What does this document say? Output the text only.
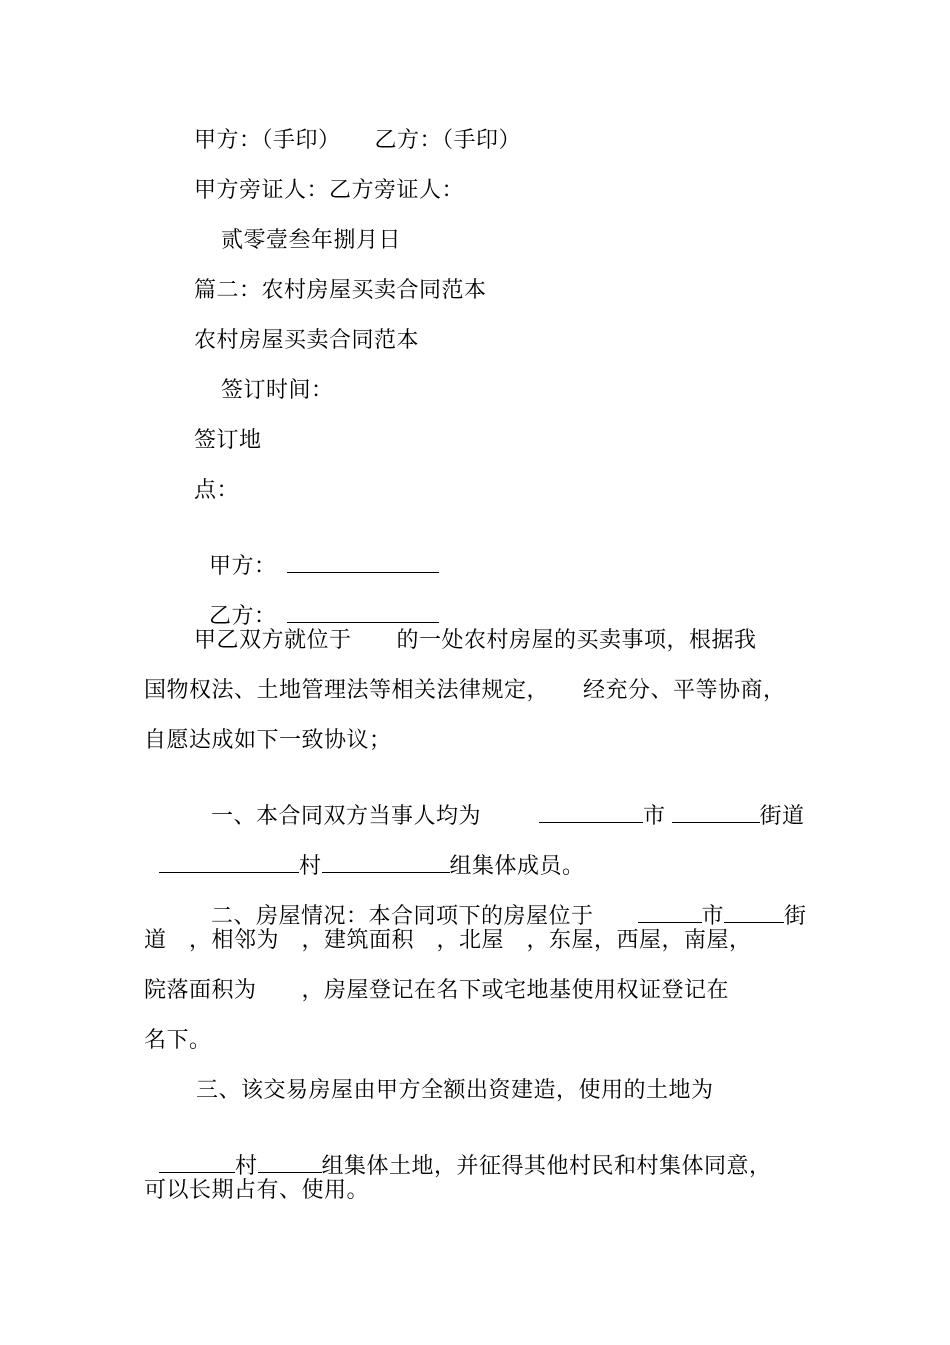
甲方：（手印）　　乙方：（手印）
甲方旁证人：乙方旁证人：
贰零壹叁年捌月日
篇二：农村房屋买卖合同范本
农村房屋买卖合同范本
签订时间：
签订地
点：

甲方：

乙方：

甲乙双方就位于　　的一处农村房屋的买卖事项，根据我
国物权法、土地管理法等相关法律规定，　　经充分、平等协商，
自愿达成如下一致协议；

一、本合同双方当事人均为	市	街道

村	组集体成员。

二、房屋情况：本合同项下的房屋位于	市	街

道　，相邻为　，建筑面积　，北屋　，东屋，西屋，南屋，
院落面积为　　，房屋登记在名下或宅地基使用权证登记在
名下。
三、该交易房屋由甲方全额出资建造，使用的土地为

村	组集体土地，并征得其他村民和村集体同意，

可以长期占有、使用。
